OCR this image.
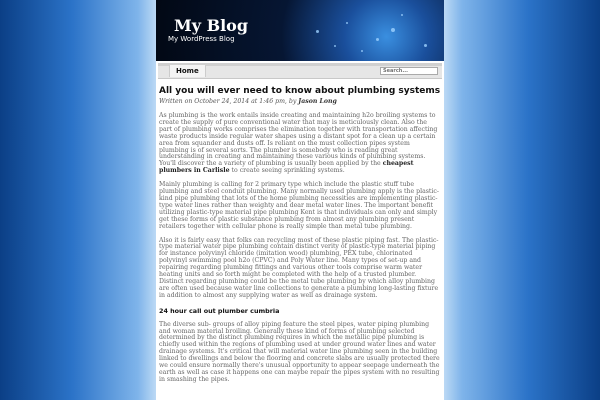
My Blog
My WordPress Blog
Home
Search...
All you will ever need to know about plumbing systems
Written on October 24, 2014 at 1:46 pm, by Jason Long

As plumbing is the work entails inside creating and maintaining h2o broiling systems to create the supply of pure conventional water that may is meticulously clean. Also the part of plumbing works comprises the elimination together with transportation affecting waste products inside regular water shapes using a distant spot for a clean up a certain area from squander and dusts off. Is reliant on the must collection pipes system plumbing is of several sorts. The plumber is somebody who is reading great understanding in creating and maintaining these various kinds of plumbing systems. You'll discover the a variety of plumbing is usually been applied by the cheapest plumbers in Carlisle to create seeing sprinkling systems.

Mainly plumbing is calling for 2 primary type which include the plastic stuff tube plumbing and steel conduit plumbing. Many normally used plumbing apply is the plastic-kind pipe plumbing that lots of the home plumbing necessities are implementing plastic-type water lines rather than weighty and dear metal water lines. The important benefit utilizing plastic-type material pipe plumbing Kent is that individuals can only and simply get these forms of plastic substance plumbing from almost any plumbing present retailers together with cellular phone is really simple than metal tube plumbing.

Also it is fairly easy that folks can recycling most of these plastic piping fast. The plastic-type material water pipe plumbing contain distinct verity of plastic-type material piping for instance polyvinyl chloride (imitation wood) plumbing, PEX tube, chlorinated polyvinyl swimming pool h2o (CPVC) and Poly Water line. Many types of set-up and repairing regarding plumbing fittings and various other tools comprise warm water heating units and so forth might be completed with the help of a trusted plumber. Distinct regarding plumbing could be the metal tube plumbing by which alloy plumbing are often used because water line collections to generate a plumbing long-lasting fixture in addition to almost any supplying water as well as drainage system.

24 hour call out plumber cumbria

The diverse sub- groups of alloy piping feature the steel pipes, water piping plumbing and woman material broiling. Generally these kind of forms of plumbing selected determined by the distinct plumbing requires in which the metallic pipe plumbing is chiefly used within the regions of plumbing used at under ground water lines and water drainage systems. It's critical that will material water line plumbing seen in the building linked to dwellings and below the flooring and concrete slabs are usually protected there we could ensure normally there's unusual opportunity to appear seepage underneath the earth as well as case it happens one can maybe repair the pipes system with no resulting in smashing the pipes.
